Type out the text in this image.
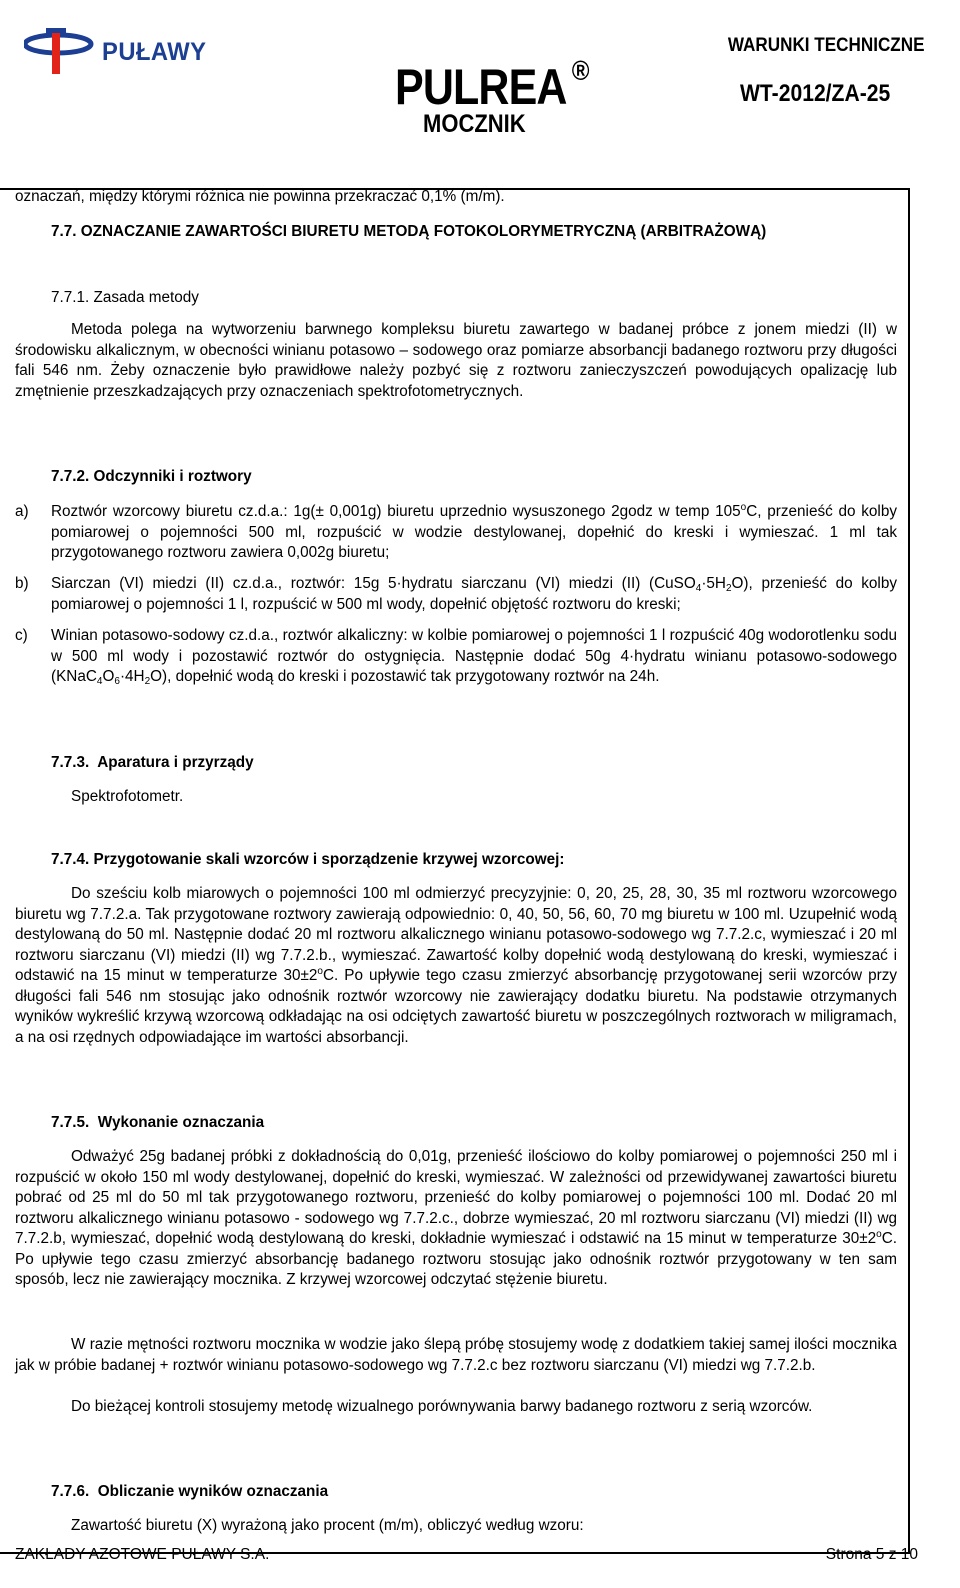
PUŁAWY
PULREA ®
MOCZNIK
WARUNKI TECHNICZNE
WT-2012/ZA-25

oznaczań, między którymi różnica nie powinna przekraczać 0,1% (m/m).

7.7. OZNACZANIE ZAWARTOŚCI BIURETU METODĄ FOTOKOLORYMETRYCZNĄ (ARBITRAŻOWĄ)
7.7.1. Zasada metody

Metoda polega na wytworzeniu barwnego kompleksu biuretu zawartego w badanej próbce z jonem miedzi (II) w środowisku alkalicznym, w obecności winianu potasowo – sodowego oraz pomiarze absorbancji badanego roztworu przy długości fali 546 nm. Żeby oznaczenie było prawidłowe należy pozbyć się z roztworu zanieczyszczeń powodujących opalizację lub zmętnienie przeszkadzających przy oznaczeniach spektrofotometrycznych.

7.7.2. Odczynniki i roztwory
a) Roztwór wzorcowy biuretu cz.d.a.: 1g(± 0,001g) biuretu uprzednio wysuszonego 2godz w temp 105$^o$C, przenieść do kolby pomiarowej o pojemności 500 ml, rozpuścić w wodzie destylowanej, dopełnić do kreski i wymieszać. 1 ml tak przygotowanego roztworu zawiera 0,002g biuretu;

b) Siarczan (VI) miedzi (II) cz.d.a., roztwór: 15g 5·hydratu siarczanu (VI) miedzi (II) $(CuSO_4\cdot 5H_2O)$, przenieść do kolby pomiarowej o pojemności 1 l, rozpuścić w 500 ml wody, dopełnić objętość roztworu do kreski;

c) Winian potasowo-sodowy cz.d.a., roztwór alkaliczny: w kolbie pomiarowej o pojemności 1 l rozpuścić 40g wodorotlenku sodu w 500 ml wody i pozostawić roztwór do ostygnięcia. Następnie dodać 50g 4·hydratu winianu potasowo-sodowego $(KNaC_4O_6\cdot 4H_2O)$, dopełnić wodą do kreski i pozostawić tak przygotowany roztwór na 24h.

7.7.3. Aparatura i przyrządy

Spektrofotometr.

7.7.4. Przygotowanie skali wzorców i sporządzenie krzywej wzorcowej:

Do sześciu kolb miarowych o pojemności 100 ml odmierzyć precyzyjnie: 0, 20, 25, 28, 30, 35 ml roztworu wzorcowego biuretu wg 7.7.2.a. Tak przygotowane roztwory zawierają odpowiednio: 0, 40, 50, 56, 60, 70 mg biuretu w 100 ml. Uzupełnić wodą destylowaną do 50 ml. Następnie dodać 20 ml roztworu alkalicznego winianu potasowo-sodowego wg 7.7.2.c, wymieszać i 20 ml roztworu siarczanu (VI) miedzi (II) wg 7.7.2.b., wymieszać. Zawartość kolby dopełnić wodą destylowaną do kreski, wymieszać i odstawić na 15 minut w temperaturze $30\pm 2^oC$. Po upływie tego czasu zmierzyć absorbancję przygotowanej serii wzorców przy długości fali 546 nm stosując jako odnośnik roztwór wzorcowy nie zawierający dodatku biuretu. Na podstawie otrzymanych wyników wykreślić krzywą wzorcową odkładając na osi odciętych zawartość biuretu w poszczególnych roztworach w miligramach, a na osi rzędnych odpowiadające im wartości absorbancji.

7.7.5. Wykonanie oznaczania

Odważyć 25g badanej próbki z dokładnością do 0,01g, przenieść ilościowo do kolby pomiarowej o pojemności 250 ml i rozpuścić w około 150 ml wody destylowanej, dopełnić do kreski, wymieszać. W zależności od przewidywanej zawartości biuretu pobrać od 25 ml do 50 ml tak przygotowanego roztworu, przenieść do kolby pomiarowej o pojemności 100 ml. Dodać 20 ml roztworu alkalicznego winianu potasowo - sodowego wg 7.7.2.c., dobrze wymieszać, 20 ml roztworu siarczanu (VI) miedzi (II) wg 7.7.2.b, wymieszać, dopełnić wodą destylowaną do kreski, dokładnie wymieszać i odstawić na 15 minut w temperaturze $30\pm 2^oC$. Po upływie tego czasu zmierzyć absorbancję badanego roztworu stosując jako odnośnik roztwór przygotowany w ten sam sposób, lecz nie zawierający mocznika. Z krzywej wzorcowej odczytać stężenie biuretu.

W razie mętności roztworu mocznika w wodzie jako ślepą próbę stosujemy wodę z dodatkiem takiej samej ilości mocznika jak w próbie badanej + roztwór winianu potasowo-sodowego wg 7.7.2.c bez roztworu siarczanu (VI) miedzi wg 7.7.2.b.

Do bieżącej kontroli stosujemy metodę wizualnego porównywania barwy badanego roztworu z serią wzorców.

7.7.6. Obliczanie wyników oznaczania

Zawartość biuretu (X) wyrażoną jako procent (m/m), obliczyć według wzoru:

ZAKŁADY AZOTOWE PUŁAWY S.A.	Strona 5 z 10
